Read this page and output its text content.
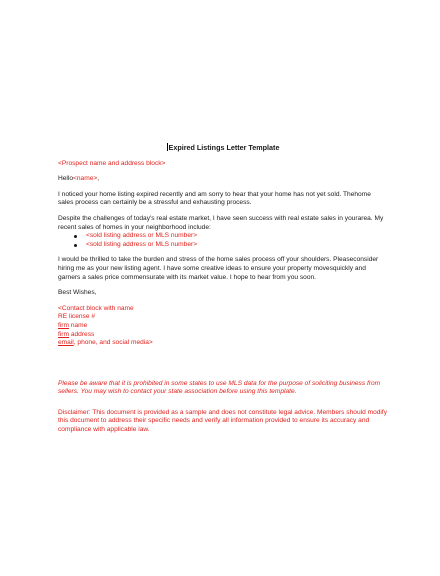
Expired Listings Letter Template

<Prospect name and address block>

Hello<name>,

I noticed your home listing expired recently and am sorry to hear that your home has not yet sold. Thehome sales process can certainly be a stressful and exhausting process.

Despite the challenges of today's real estate market, I have seen success with real estate sales in yourarea. My recent sales of homes in your neighborhood include:

<sold listing address or MLS number>
<sold listing address or MLS number>

I would be thrilled to take the burden and stress of the home sales process off your shoulders. Pleaseconsider hiring me as your new listing agent. I have some creative ideas to ensure your property movesquickly and garners a sales price commensurate with its market value. I hope to hear from you soon.

Best Wishes,

<Contact block with name
RE license #
firm name
firm address
email, phone, and social media>

Please be aware that it is prohibited in some states to use MLS data for the purpose of soliciting business from sellers. You may wish to contact your state association before using this template.

Disclaimer: This document is provided as a sample and does not constitute legal advice. Members should modify this document to address their specific needs and verify all information provided to ensure its accuracy and compliance with applicable law.
